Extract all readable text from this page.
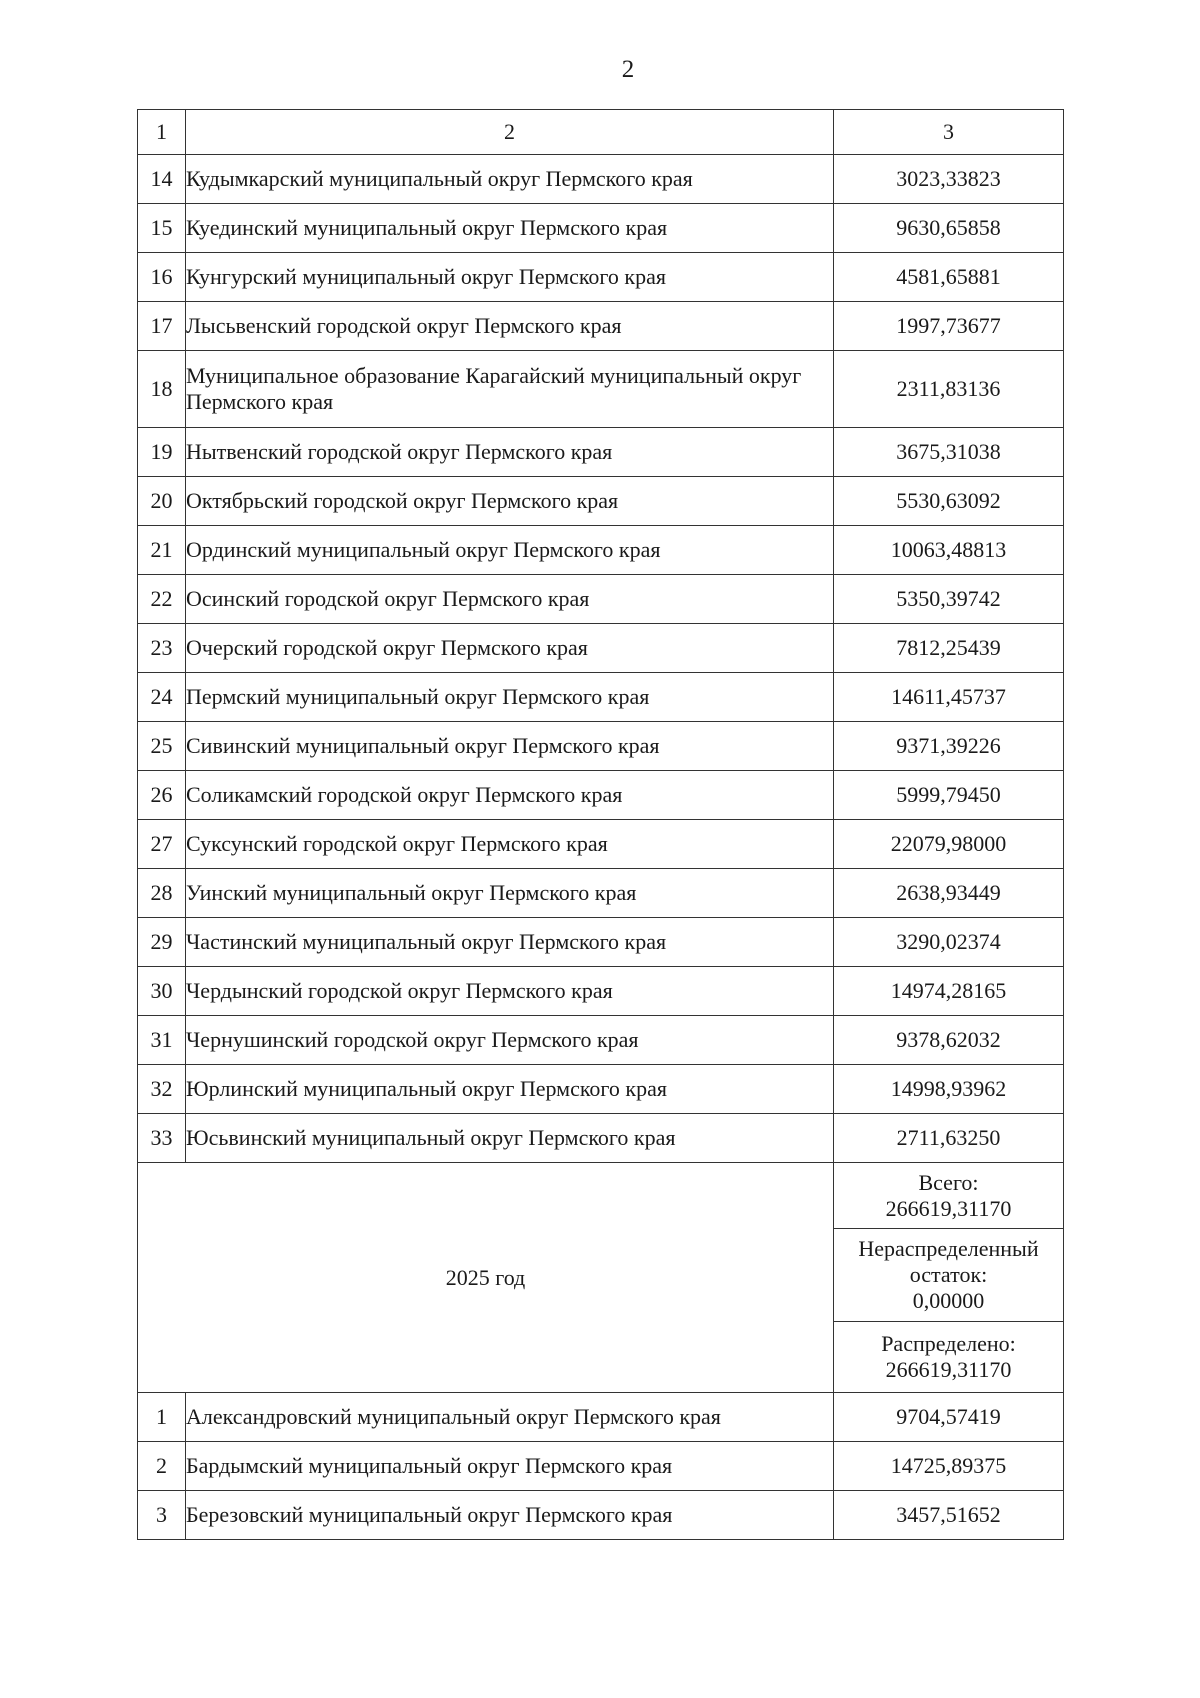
2
1	2	3
14	Кудымкарский муниципальный округ Пермского края	3023,33823
15	Куединский муниципальный округ Пермского края	9630,65858
16	Кунгурский муниципальный округ Пермского края	4581,65881
17	Лысьвенский городской округ Пермского края	1997,73677
18	Муниципальное образование Карагайский муниципальный округ Пермского края	2311,83136
19	Нытвенский городской округ Пермского края	3675,31038
20	Октябрьский городской округ Пермского края	5530,63092
21	Ординский муниципальный округ Пермского края	10063,48813
22	Осинский городской округ Пермского края	5350,39742
23	Очерский городской округ Пермского края	7812,25439
24	Пермский муниципальный округ Пермского края	14611,45737
25	Сивинский муниципальный округ Пермского края	9371,39226
26	Соликамский городской округ Пермского края	5999,79450
27	Суксунский городской округ Пермского края	22079,98000
28	Уинский муниципальный округ Пермского края	2638,93449
29	Частинский муниципальный округ Пермского края	3290,02374
30	Чердынский городской округ Пермского края	14974,28165
31	Чернушинский городской округ Пермского края	9378,62032
32	Юрлинский муниципальный округ Пермского края	14998,93962
33	Юсьвинский муниципальный округ Пермского края	2711,63250
2025 год		Всего:
266619,31170

		Нераспределенный
остаток:
0,00000

		Распределено:
266619,31170

1	Александровский муниципальный округ Пермского края	9704,57419
2	Бардымский муниципальный округ Пермского края	14725,89375
3	Березовский муниципальный округ Пермского края	3457,51652
